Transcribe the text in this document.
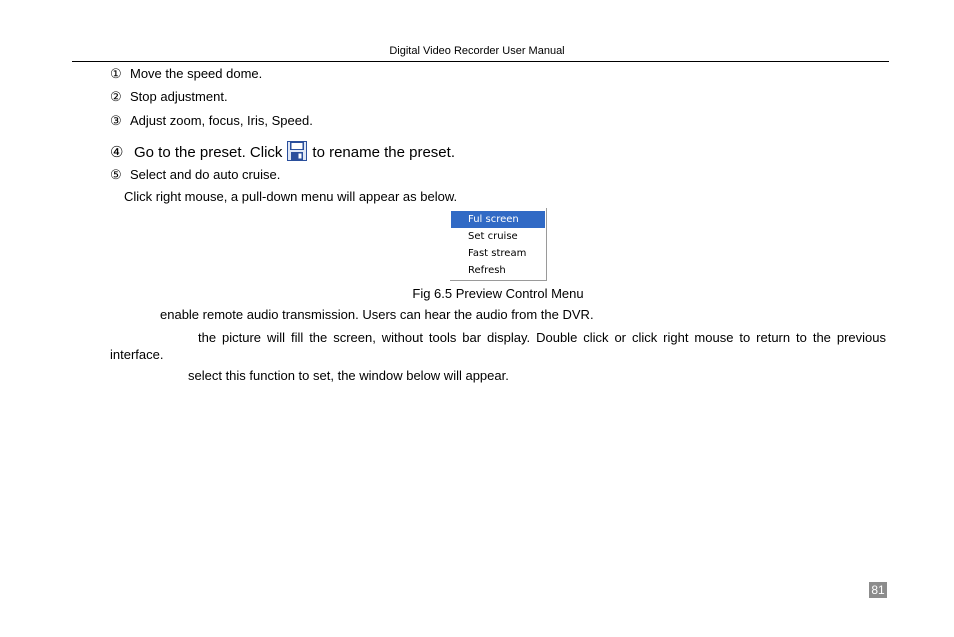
Digital Video Recorder User Manual
① Move the speed dome.
② Stop adjustment.
③ Adjust zoom, focus, Iris, Speed.
④ Go to the preset. Click to rename the preset.
⑤ Select and do auto cruise.
Click right mouse, a pull-down menu will appear as below.
Ful screen
Set cruise
Fast stream
Refresh
Fig 6.5 Preview Control Menu
enable remote audio transmission. Users can hear the audio from the DVR.
the picture will fill the screen, without tools bar display. Double click or click right mouse to return to the previous interface.
select this function to set, the window below will appear.
81
